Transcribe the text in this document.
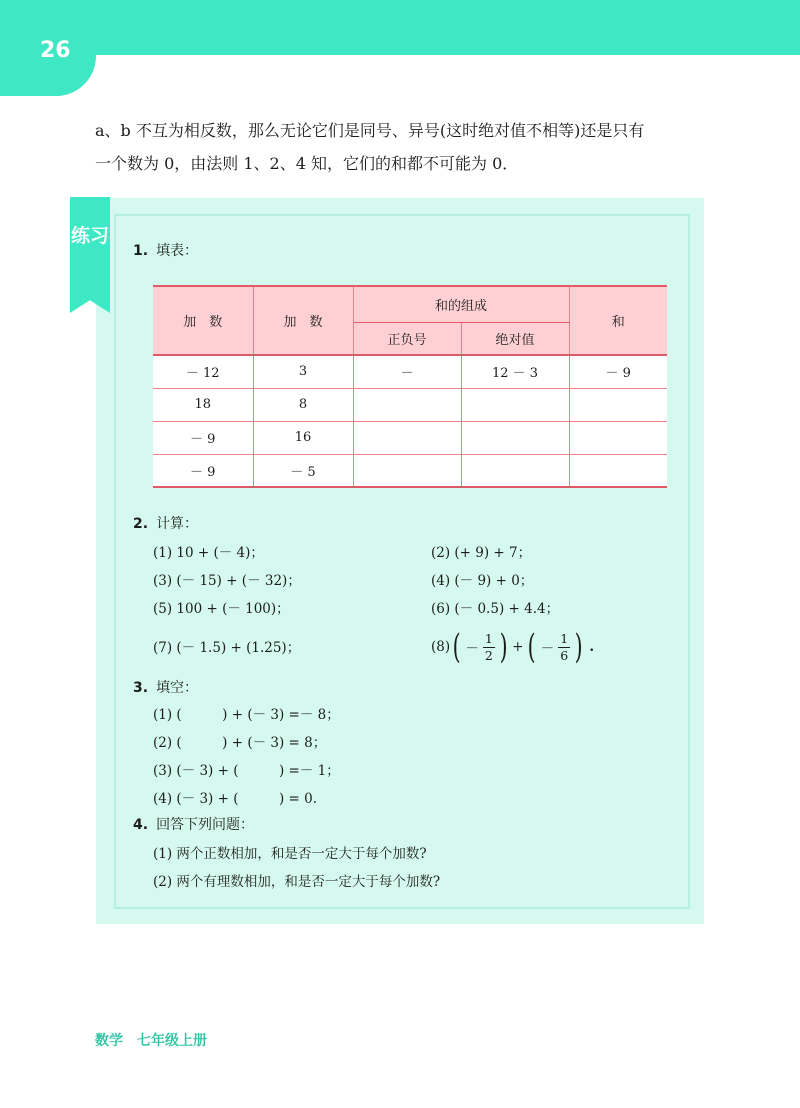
26

a、b 不互为相反数，那么无论它们是同号、异号(这时绝对值不相等)还是只有

一个数为 0，由法则 1、2、4 知，它们的和都不可能为 0．

练习
1. 填表：
加　数	加　数	和的组成		和
		正负号	绝对值	
－ 12	3	－	12 － 3	－ 9
18	8			
－ 9	16			
－ 9	－ 5			
2. 计算：
(1) 10 + (－ 4)；	(2) (+ 9) + 7；
(3) (－ 15) + (－ 32)；	(4) (－ 9) + 0；
(5) 100 + (－ 100)；	(6) (－ 0.5) + 4.4；
(7) (－ 1.5) + (1.25)；	(8) ( － $\frac{1}{2}$ ) + ( － $\frac{1}{6}$ ) .
3. 填空：
(1) (　　　) + (－ 3) =－ 8；
(2) (　　　) + (－ 3) = 8；
(3) (－ 3) + (　　　) =－ 1；
(4) (－ 3) + (　　　) = 0.
4. 回答下列问题：
(1) 两个正数相加，和是否一定大于每个加数?
(2) 两个有理数相加，和是否一定大于每个加数?
数学　七年级上册
